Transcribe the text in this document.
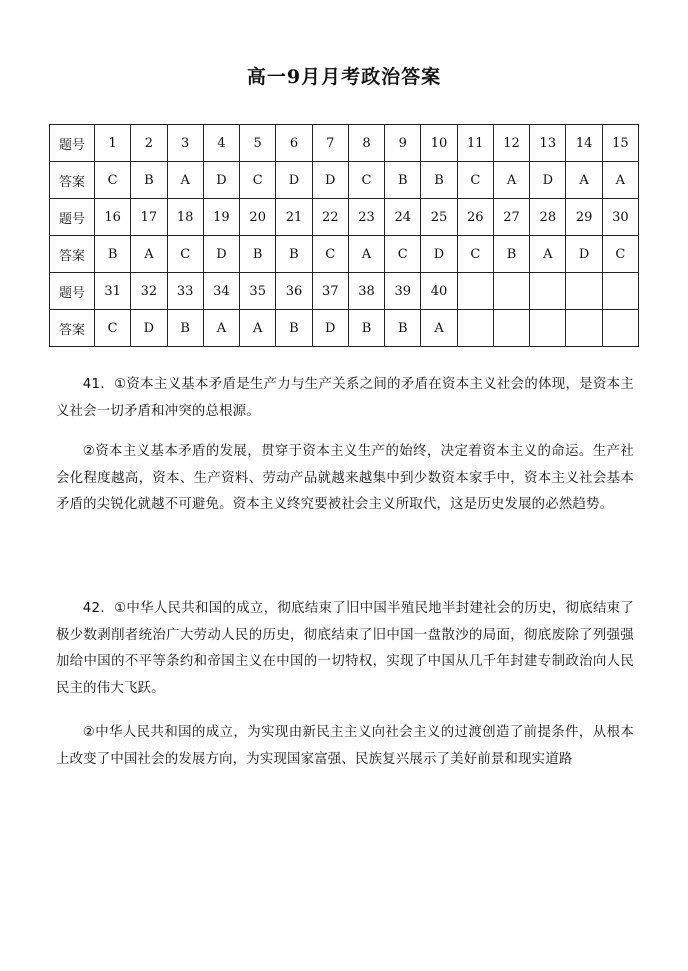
高一9月月考政治答案
题号	1	2	3	4	5	6	7	8	9	10	11	12	13	14	15
答案	C	B	A	D	C	D	D	C	B	B	C	A	D	A	A
题号	16	17	18	19	20	21	22	23	24	25	26	27	28	29	30
答案	B	A	C	D	B	B	C	A	C	D	C	B	A	D	C
题号	31	32	33	34	35	36	37	38	39	40					
答案	C	D	B	A	A	B	D	B	B	A					

41．①资本主义基本矛盾是生产力与生产关系之间的矛盾在资本主义社会的体现，是资本主义社会一切矛盾和冲突的总根源。

②资本主义基本矛盾的发展，贯穿于资本主义生产的始终，决定着资本主义的命运。生产社会化程度越高，资本、生产资料、劳动产品就越来越集中到少数资本家手中，资本主义社会基本矛盾的尖锐化就越不可避免。资本主义终究要被社会主义所取代，这是历史发展的必然趋势。

42．①中华人民共和国的成立，彻底结束了旧中国半殖民地半封建社会的历史，彻底结束了极少数剥削者统治广大劳动人民的历史，彻底结束了旧中国一盘散沙的局面，彻底废除了列强强加给中国的不平等条约和帝国主义在中国的一切特权，实现了中国从几千年封建专制政治向人民民主的伟大飞跃。

②中华人民共和国的成立，为实现由新民主主义向社会主义的过渡创造了前提条件，从根本上改变了中国社会的发展方向，为实现国家富强、民族复兴展示了美好前景和现实道路
